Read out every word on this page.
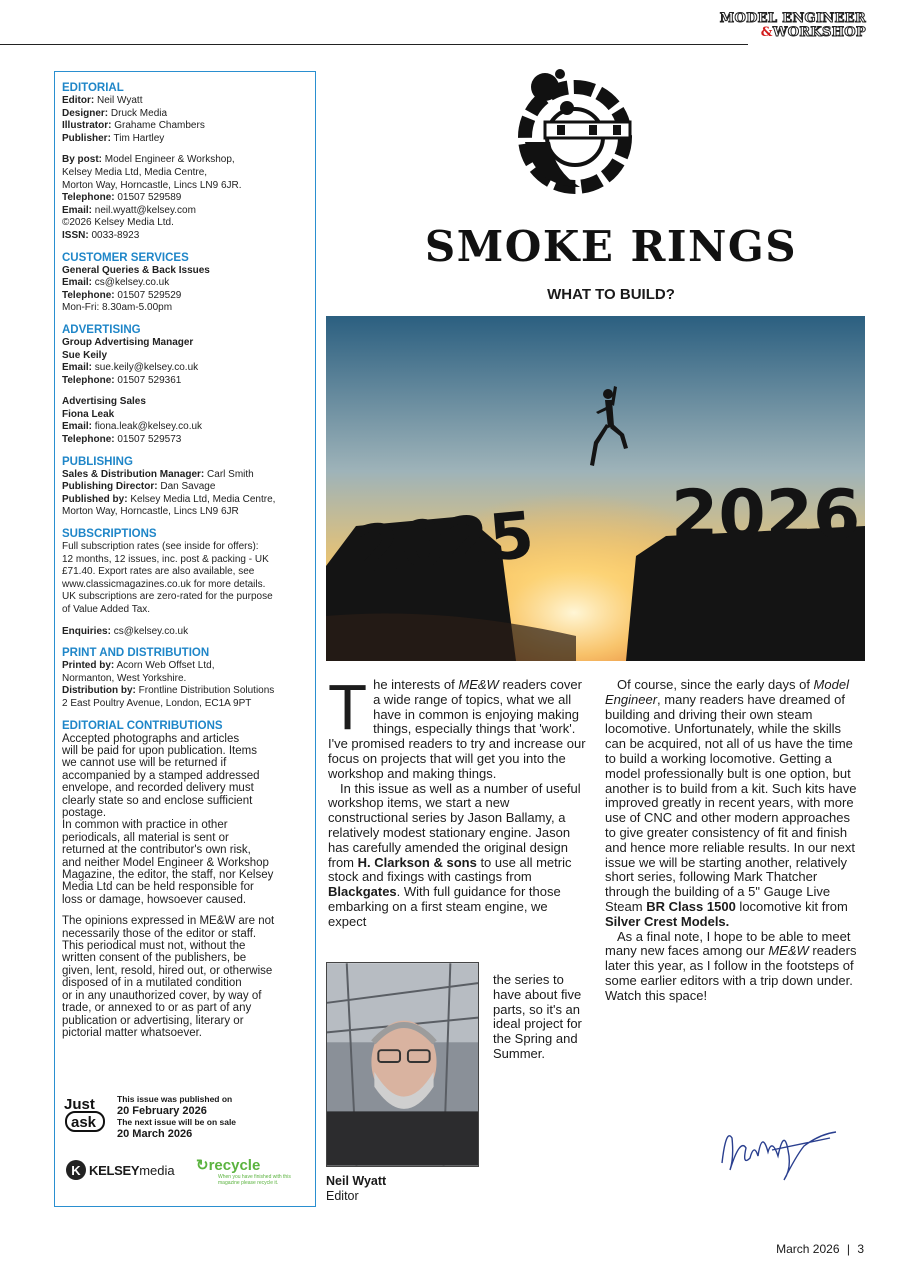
MODEL ENGINEER
&WORKSHOP
EDITORIAL

Editor: Neil Wyatt

Designer: Druck Media

Illustrator: Grahame Chambers

Publisher: Tim Hartley

By post: Model Engineer & Workshop,

Kelsey Media Ltd, Media Centre,

Morton Way, Horncastle, Lincs LN9 6JR.

Telephone: 01507 529589

Email: neil.wyatt@kelsey.com

©2026 Kelsey Media Ltd.

ISSN: 0033-8923

CUSTOMER SERVICES

General Queries & Back Issues

Email: cs@kelsey.co.uk

Telephone: 01507 529529

Mon-Fri: 8.30am-5.00pm

ADVERTISING

Group Advertising Manager

Sue Keily

Email: sue.keily@kelsey.co.uk

Telephone: 01507 529361

Advertising Sales

Fiona Leak

Email: fiona.leak@kelsey.co.uk

Telephone: 01507 529573

PUBLISHING

Sales & Distribution Manager: Carl Smith

Publishing Director: Dan Savage

Published by: Kelsey Media Ltd, Media Centre,

Morton Way, Horncastle, Lincs LN9 6JR

SUBSCRIPTIONS

Full subscription rates (see inside for offers):

12 months, 12 issues, inc. post & packing - UK

£71.40. Export rates are also available, see

www.classicmagazines.co.uk for more details.

UK subscriptions are zero-rated for the purpose

of Value Added Tax.

Enquiries: cs@kelsey.co.uk

PRINT AND DISTRIBUTION

Printed by: Acorn Web Offset Ltd,

Normanton, West Yorkshire.

Distribution by: Frontline Distribution Solutions

2 East Poultry Avenue, London, EC1A 9PT

EDITORIAL CONTRIBUTIONS

Accepted photographs and articles

will be paid for upon publication. Items

we cannot use will be returned if

accompanied by a stamped addressed

envelope, and recorded delivery must

clearly state so and enclose sufficient

postage.

In common with practice in other

periodicals, all material is sent or

returned at the contributor's own risk,

and neither Model Engineer & Workshop

Magazine, the editor, the staff, nor Kelsey

Media Ltd can be held responsible for

loss or damage, howsoever caused.

The opinions expressed in ME&W are not

necessarily those of the editor or staff.

This periodical must not, without the

written consent of the publishers, be

given, lent, resold, hired out, or otherwise

disposed of in a mutilated condition

or in any unauthorized cover, by way of

trade, or annexed to or as part of any

publication or advertising, literary or

pictorial matter whatsoever.

Just
ask
This issue was published on
20 February 2026
The next issue will be on sale
20 March 2026
K KELSEY media ↻recycle
When you have finished with this magazine please recycle it.
SMOKE RINGS
WHAT TO BUILD?
2025 2026

The interests of ME&W readers cover a wide range of topics, what we all have in common is enjoying making things, especially things that 'work'. I've promised readers to try and increase our focus on projects that will get you into the workshop and making things.

In this issue as well as a number of useful workshop items, we start a new constructional series by Jason Ballamy, a relatively modest stationary engine. Jason has carefully amended the original design from H. Clarkson & sons to use all metric stock and fixings with castings from Blackgates. With full guidance for those embarking on a first steam engine, we expect

the series to have about five parts, so it's an ideal project for the Spring and Summer.

Of course, since the early days of Model Engineer, many readers have dreamed of building and driving their own steam locomotive. Unfortunately, while the skills can be acquired, not all of us have the time to build a working locomotive. Getting a model professionally bult is one option, but another is to build from a kit. Such kits have improved greatly in recent years, with more use of CNC and other modern approaches to give greater consistency of fit and finish and hence more reliable results. In our next issue we will be starting another, relatively short series, following Mark Thatcher through the building of a 5" Gauge Live Steam BR Class 1500 locomotive kit from Silver Crest Models.

As a final note, I hope to be able to meet many new faces among our ME&W readers later this year, as I follow in the footsteps of some earlier editors with a trip down under. Watch this space!

Neil Wyatt
Editor
March 2026 | 3
